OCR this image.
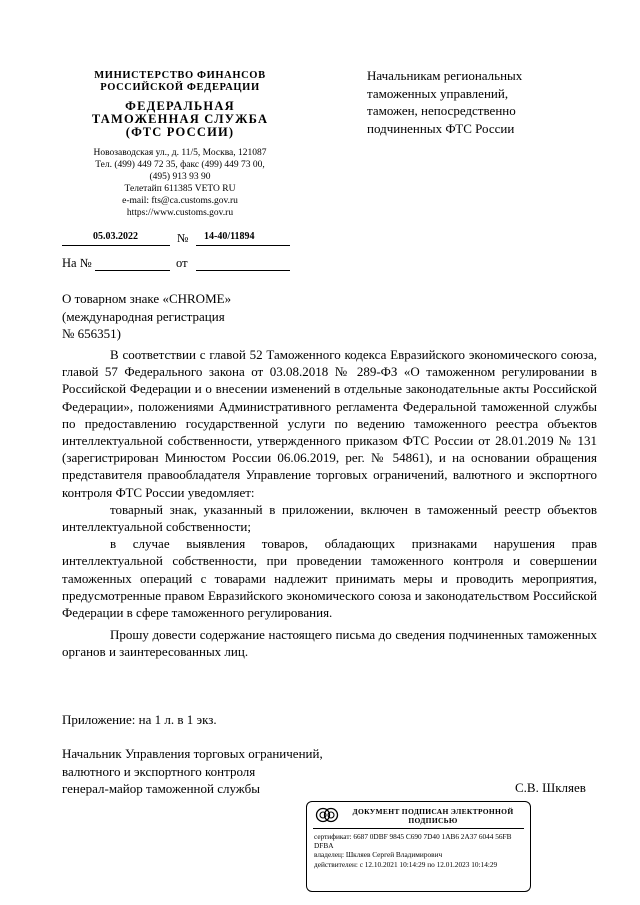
МИНИСТЕРСТВО ФИНАНСОВ
РОССИЙСКОЙ ФЕДЕРАЦИИ
ФЕДЕРАЛЬНАЯ
ТАМОЖЕННАЯ СЛУЖБА
(ФТС РОССИИ)
Новозаводская ул., д. 11/5, Москва, 121087
Тел. (499) 449 72 35, факс (499) 449 73 00,
(495) 913 93 90
Телетайп 611385 VETO RU
e-mail: fts@ca.customs.gov.ru
https://www.customs.gov.ru
05.03.2022	№ 14-40/11894
На №	от
Начальникам региональных
таможенных управлений,
таможен, непосредственно
подчиненных ФТС России
О товарном знаке «CHROME»
(международная регистрация
№ 656351)

В соответствии с главой 52 Таможенного кодекса Евразийского экономического союза, главой 57 Федерального закона от 03.08.2018 № 289-ФЗ «О таможенном регулировании в Российской Федерации и о внесении изменений в отдельные законодательные акты Российской Федерации», положениями Административного регламента Федеральной таможенной службы по предоставлению государственной услуги по ведению таможенного реестра объектов интеллектуальной собственности, утвержденного приказом ФТС России от 28.01.2019 № 131 (зарегистрирован Минюстом России 06.06.2019, рег. № 54861), и на основании обращения представителя правообладателя Управление торговых ограничений, валютного и экспортного контроля ФТС России уведомляет:

товарный знак, указанный в приложении, включен в таможенный реестр объектов интеллектуальной собственности;

в случае выявления товаров, обладающих признаками нарушения прав интеллектуальной собственности, при проведении таможенного контроля и совершении таможенных операций с товарами надлежит принимать меры и проводить мероприятия, предусмотренные правом Евразийского экономического союза и законодательством Российской Федерации в сфере таможенного регулирования.

Прошу довести содержание настоящего письма до сведения подчиненных таможенных органов и заинтересованных лиц.

Приложение: на 1 л. в 1 экз.
Начальник Управления торговых ограничений,
валютного и экспортного контроля
генерал-майор таможенной службы	С.В. Шкляев
ДОКУМЕНТ ПОДПИСАН ЭЛЕКТРОННОЙ ПОДПИСЬЮ
сертификат: 6687 0DBF 9845 C690 7D40 1AB6 2A37 6044 56FB DFBA
владелец: Шкляев Сергей Владимирович
действителен: с 12.10.2021 10:14:29 по 12.01.2023 10:14:29
